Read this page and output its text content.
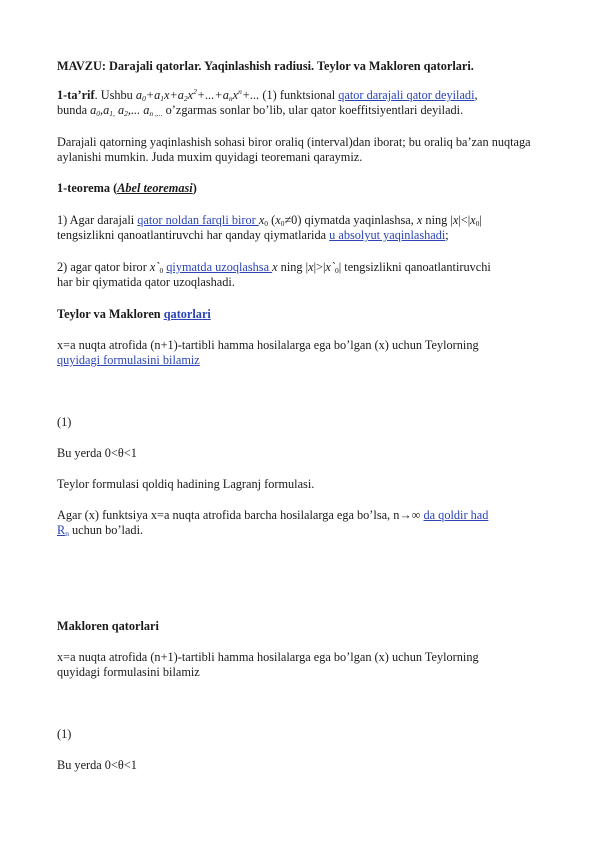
MAVZU: Darajali qatorlar. Yaqinlashish radiusi. Teylor va Makloren qatorlari.

1-ta’rif. Ushbu $a_0+a_1x+a_2x^2+...+a_nx^n+$... (1) funktsional qator darajali qator deyiladi,
bunda $a_0,a_{1,}$ $a_2$,... $a_{n ,...}$ o’zgarmas sonlar bo’lib, ular qator koeffitsiyentlari deyiladi.

Darajali qatorning yaqinlashish sohasi biror oraliq (interval)dan iborat; bu oraliq ba’zan nuqtaga aylanishi mumkin. Juda muxim quyidagi teoremani qaraymiz.

1-teorema (Abel teoremasi)

1) Agar darajali qator noldan farqli biror $x_0$ $(x_0\ne 0)$ qiymatda yaqinlashsa, x ning $|x|<|x_0|$
tengsizlikni qanoatlantiruvchi har qanday qiymatlarida u absolyut yaqinlashadi;

2) agar qator biror $x`_0$ qiymatda uzoqlashsa x ning $|x|>|x`_0|$ tengsizlikni qanoatlantiruvchi
har bir qiymatida qator uzoqlashadi.

Teylor va Makloren qatorlari

x=a nuqta atrofida (n+1)-tartibli hamma hosilalarga ega bo’lgan (x) uchun Teylorning
quyidagi formulasini bilamiz

(1)

Bu yerda 0<θ<1

Teylor formulasi qoldiq hadining Lagranj formulasi.

Agar (x) funktsiya x=a nuqta atrofida barcha hosilalarga ega bo’lsa, n→∞ da qoldir had
$R_n$ uchun bo’ladi.

Makloren qatorlari

x=a nuqta atrofida (n+1)-tartibli hamma hosilalarga ega bo’lgan (x) uchun Teylorning
quyidagi formulasini bilamiz

(1)

Bu yerda 0<θ<1
